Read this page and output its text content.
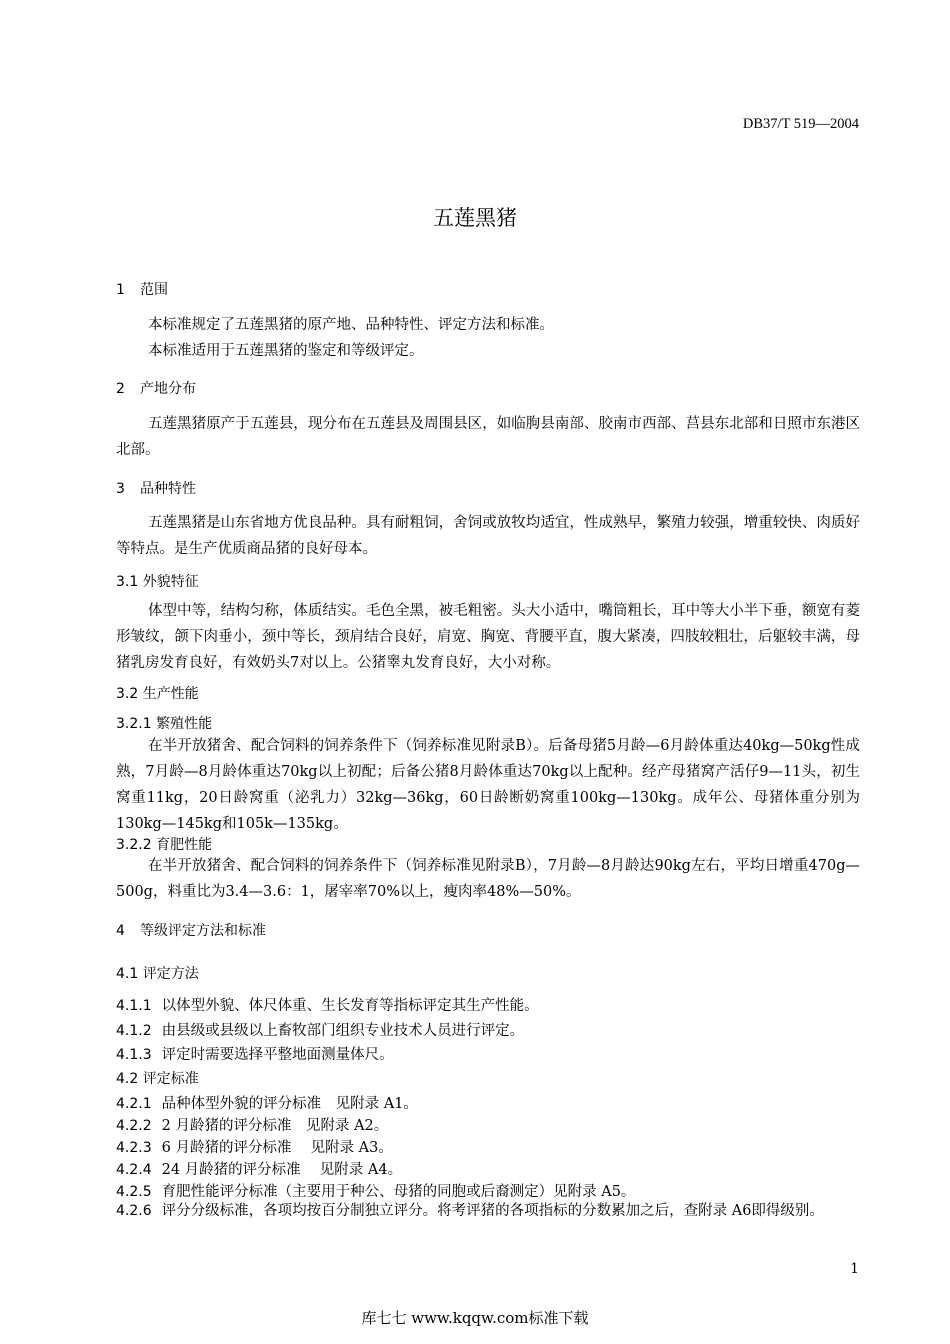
DB37/T 519—2004
五莲黑猪
1 范围

本标准规定了五莲黑猪的原产地、品种特性、评定方法和标准。

本标准适用于五莲黑猪的鉴定和等级评定。

2 产地分布

五莲黑猪原产于五莲县，现分布在五莲县及周围县区，如临朐县南部、胶南市西部、莒县东北部和日照市东港区北部。

3 品种特性

五莲黑猪是山东省地方优良品种。具有耐粗饲，舍饲或放牧均适宜，性成熟早，繁殖力较强，增重较快、肉质好等特点。是生产优质商品猪的良好母本。

3.1 外貌特征

体型中等，结构匀称，体质结实。毛色全黑，被毛粗密。头大小适中，嘴筒粗长，耳中等大小半下垂，额宽有菱形皱纹，颌下肉垂小，颈中等长，颈肩结合良好，肩宽、胸宽、背腰平直，腹大紧凑，四肢较粗壮，后躯较丰满，母猪乳房发育良好，有效奶头7对以上。公猪睾丸发育良好，大小对称。

3.2 生产性能
3.2.1 繁殖性能

在半开放猪舍、配合饲料的饲养条件下（饲养标准见附录B）。后备母猪5月龄—6月龄体重达40kg—50kg性成熟，7月龄—8月龄体重达70kg以上初配；后备公猪8月龄体重达70kg以上配种。经产母猪窝产活仔9—11头，初生窝重11kg，20日龄窝重（泌乳力）32kg—36kg，60日龄断奶窝重100kg—130kg。成年公、母猪体重分别为130kg—145kg和105k—135kg。

3.2.2 育肥性能

在半开放猪舍、配合饲料的饲养条件下（饲养标准见附录B），7月龄—8月龄达90kg左右，平均日增重470g—500g，料重比为3.4—3.6：1，屠宰率70%以上，瘦肉率48%—50%。

4 等级评定方法和标准
4.1 评定方法
4.1.1 以体型外貌、体尺体重、生长发育等指标评定其生产性能。
4.1.2 由县级或县级以上畜牧部门组织专业技术人员进行评定。
4.1.3 评定时需要选择平整地面测量体尺。
4.2 评定标准
4.2.1 品种体型外貌的评分标准　见附录 A1。
4.2.2 2 月龄猪的评分标准　见附录 A2。
4.2.3 6 月龄猪的评分标准　 见附录 A3。
4.2.4 24 月龄猪的评分标准　 见附录 A4。
4.2.5 育肥性能评分标准（主要用于种公、母猪的同胞或后裔测定）见附录 A5。
4.2.6 评分分级标准，各项均按百分制独立评分。将考评猪的各项指标的分数累加之后，查附录 A6即得级别。
1
库七七 www.kqqw.com标准下载
